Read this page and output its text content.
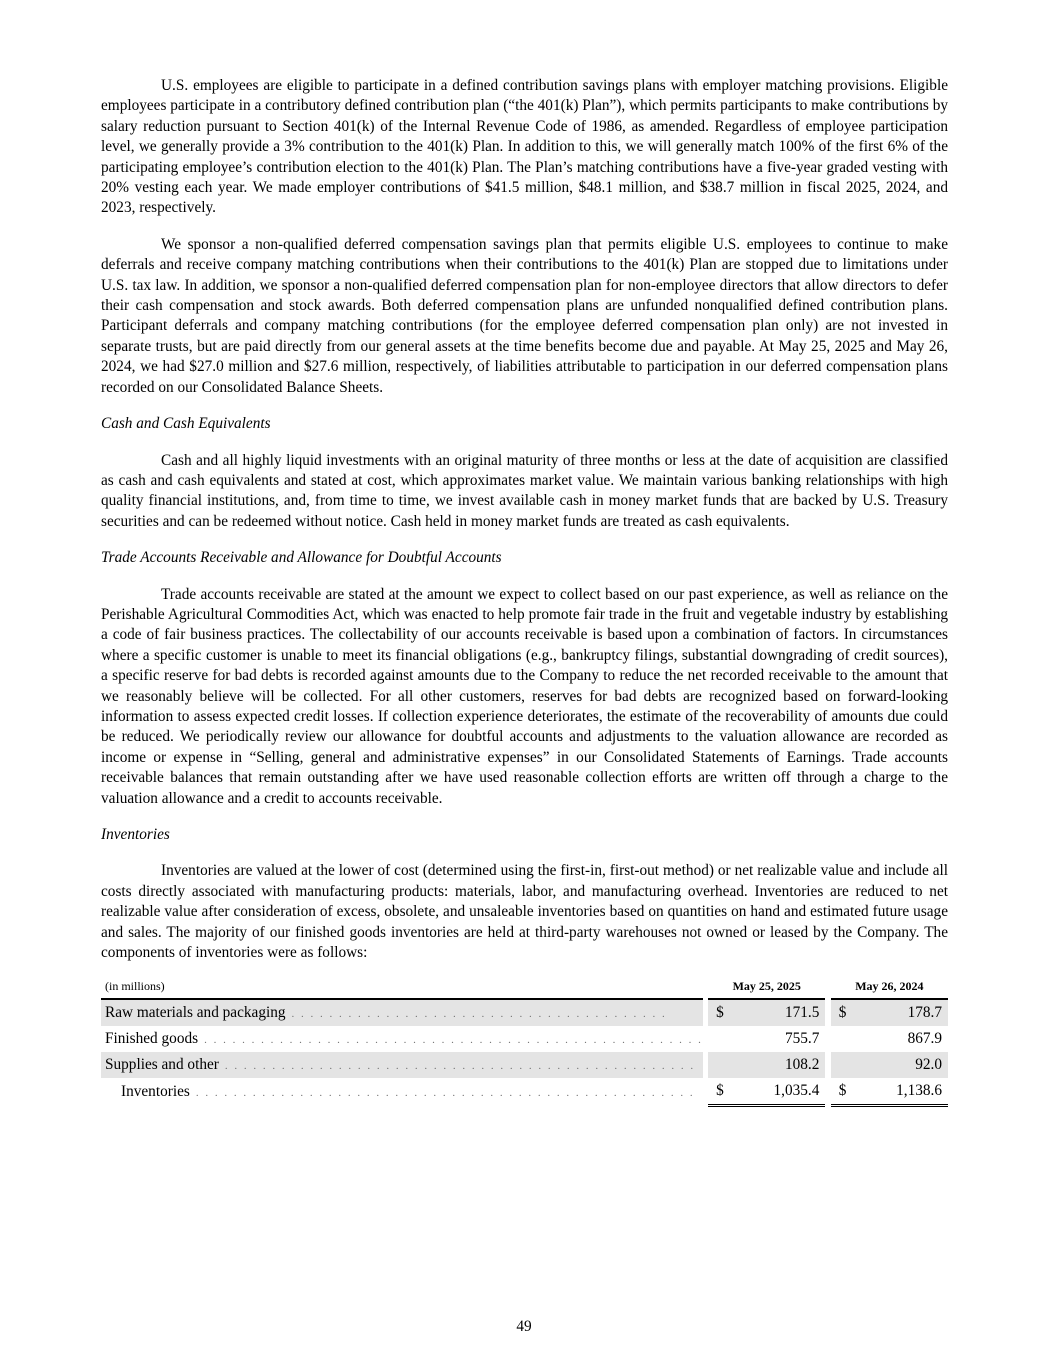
U.S. employees are eligible to participate in a defined contribution savings plans with employer matching provisions. Eligible employees participate in a contributory defined contribution plan (“the 401(k) Plan”), which permits participants to make contributions by salary reduction pursuant to Section 401(k) of the Internal Revenue Code of 1986, as amended. Regardless of employee participation level, we generally provide a 3% contribution to the 401(k) Plan. In addition to this, we will generally match 100% of the first 6% of the participating employee’s contribution election to the 401(k) Plan. The Plan’s matching contributions have a five-year graded vesting with 20% vesting each year. We made employer contributions of $41.5 million, $48.1 million, and $38.7 million in fiscal 2025, 2024, and 2023, respectively.

We sponsor a non-qualified deferred compensation savings plan that permits eligible U.S. employees to continue to make deferrals and receive company matching contributions when their contributions to the 401(k) Plan are stopped due to limitations under U.S. tax law. In addition, we sponsor a non-qualified deferred compensation plan for non-employee directors that allow directors to defer their cash compensation and stock awards. Both deferred compensation plans are unfunded nonqualified defined contribution plans. Participant deferrals and company matching contributions (for the employee deferred compensation plan only) are not invested in separate trusts, but are paid directly from our general assets at the time benefits become due and payable. At May 25, 2025 and May 26, 2024, we had $27.0 million and $27.6 million, respectively, of liabilities attributable to participation in our deferred compensation plans recorded on our Consolidated Balance Sheets.

Cash and Cash Equivalents

Cash and all highly liquid investments with an original maturity of three months or less at the date of acquisition are classified as cash and cash equivalents and stated at cost, which approximates market value. We maintain various banking relationships with high quality financial institutions, and, from time to time, we invest available cash in money market funds that are backed by U.S. Treasury securities and can be redeemed without notice. Cash held in money market funds are treated as cash equivalents.

Trade Accounts Receivable and Allowance for Doubtful Accounts

Trade accounts receivable are stated at the amount we expect to collect based on our past experience, as well as reliance on the Perishable Agricultural Commodities Act, which was enacted to help promote fair trade in the fruit and vegetable industry by establishing a code of fair business practices. The collectability of our accounts receivable is based upon a combination of factors. In circumstances where a specific customer is unable to meet its financial obligations (e.g., bankruptcy filings, substantial downgrading of credit sources), a specific reserve for bad debts is recorded against amounts due to the Company to reduce the net recorded receivable to the amount that we reasonably believe will be collected. For all other customers, reserves for bad debts are recognized based on forward-looking information to assess expected credit losses. If collection experience deteriorates, the estimate of the recoverability of amounts due could be reduced. We periodically review our allowance for doubtful accounts and adjustments to the valuation allowance are recorded as income or expense in “Selling, general and administrative expenses” in our Consolidated Statements of Earnings. Trade accounts receivable balances that remain outstanding after we have used reasonable collection efforts are written off through a charge to the valuation allowance and a credit to accounts receivable.

Inventories

Inventories are valued at the lower of cost (determined using the first-in, first-out method) or net realizable value and include all costs directly associated with manufacturing products: materials, labor, and manufacturing overhead. Inventories are reduced to net realizable value after consideration of excess, obsolete, and unsaleable inventories based on quantities on hand and estimated future usage and sales. The majority of our finished goods inventories are held at third-party warehouses not owned or leased by the Company. The components of inventories were as follows:

(in millions)		May 25, 2025			May 26, 2024	
Raw materials and packaging . . . . . . . . . . . . . . . . . . . . . . . . . . . . . . . . . . . . . . . .		$	171.5		$	178.7
Finished goods . . . . . . . . . . . . . . . . . . . . . . . . . . . . . . . . . . . . . . . . . . . . . . . . . . . . .			755.7			867.9
Supplies and other . . . . . . . . . . . . . . . . . . . . . . . . . . . . . . . . . . . . . . . . . . . . . . . . . .			108.2			92.0
Inventories . . . . . . . . . . . . . . . . . . . . . . . . . . . . . . . . . . . . . . . . . . . . . . . . . . . . .		$	1,035.4		$	1,138.6
49
